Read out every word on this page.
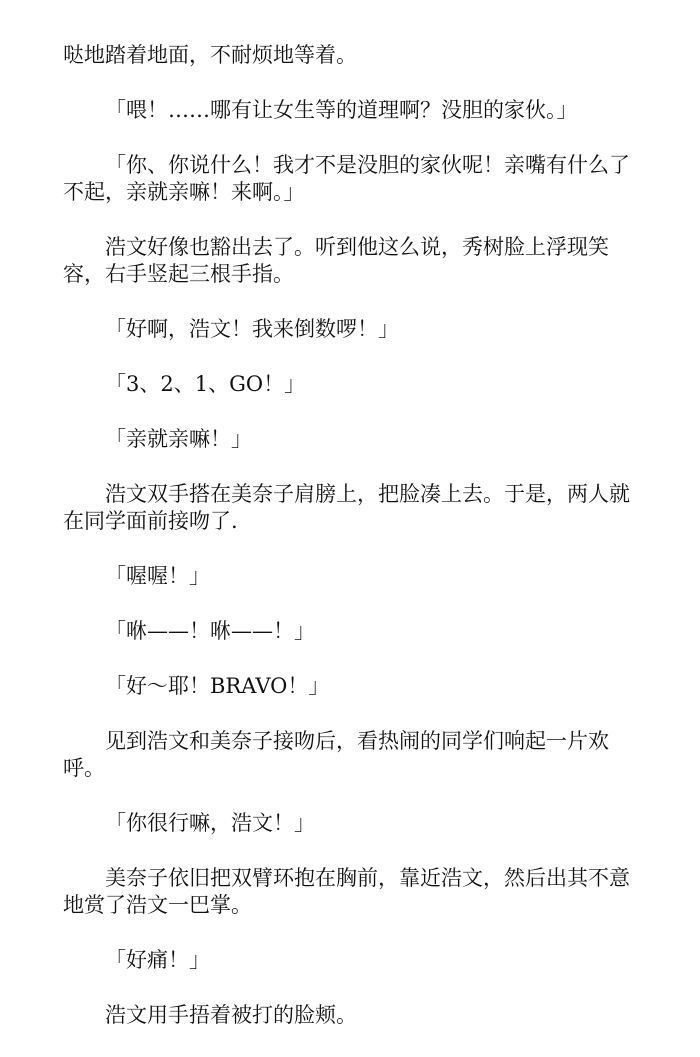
哒地踏着地面，不耐烦地等着。

「喂！……哪有让女生等的道理啊？没胆的家伙。」

「你、你说什么！我才不是没胆的家伙呢！亲嘴有什么了不起，亲就亲嘛！来啊。」

浩文好像也豁出去了。听到他这么说，秀树脸上浮现笑容，右手竖起三根手指。

「好啊，浩文！我来倒数啰！」

「3、2、1、GO！」

「亲就亲嘛！」

浩文双手搭在美奈子肩膀上，把脸凑上去。于是，两人就在同学面前接吻了.

「喔喔！」

「咻——！咻——！」

「好～耶！BRAVO！」

见到浩文和美奈子接吻后，看热闹的同学们响起一片欢呼。

「你很行嘛，浩文！」

美奈子依旧把双臂环抱在胸前，靠近浩文，然后出其不意地赏了浩文一巴掌。

「好痛！」

浩文用手捂着被打的脸颊。
